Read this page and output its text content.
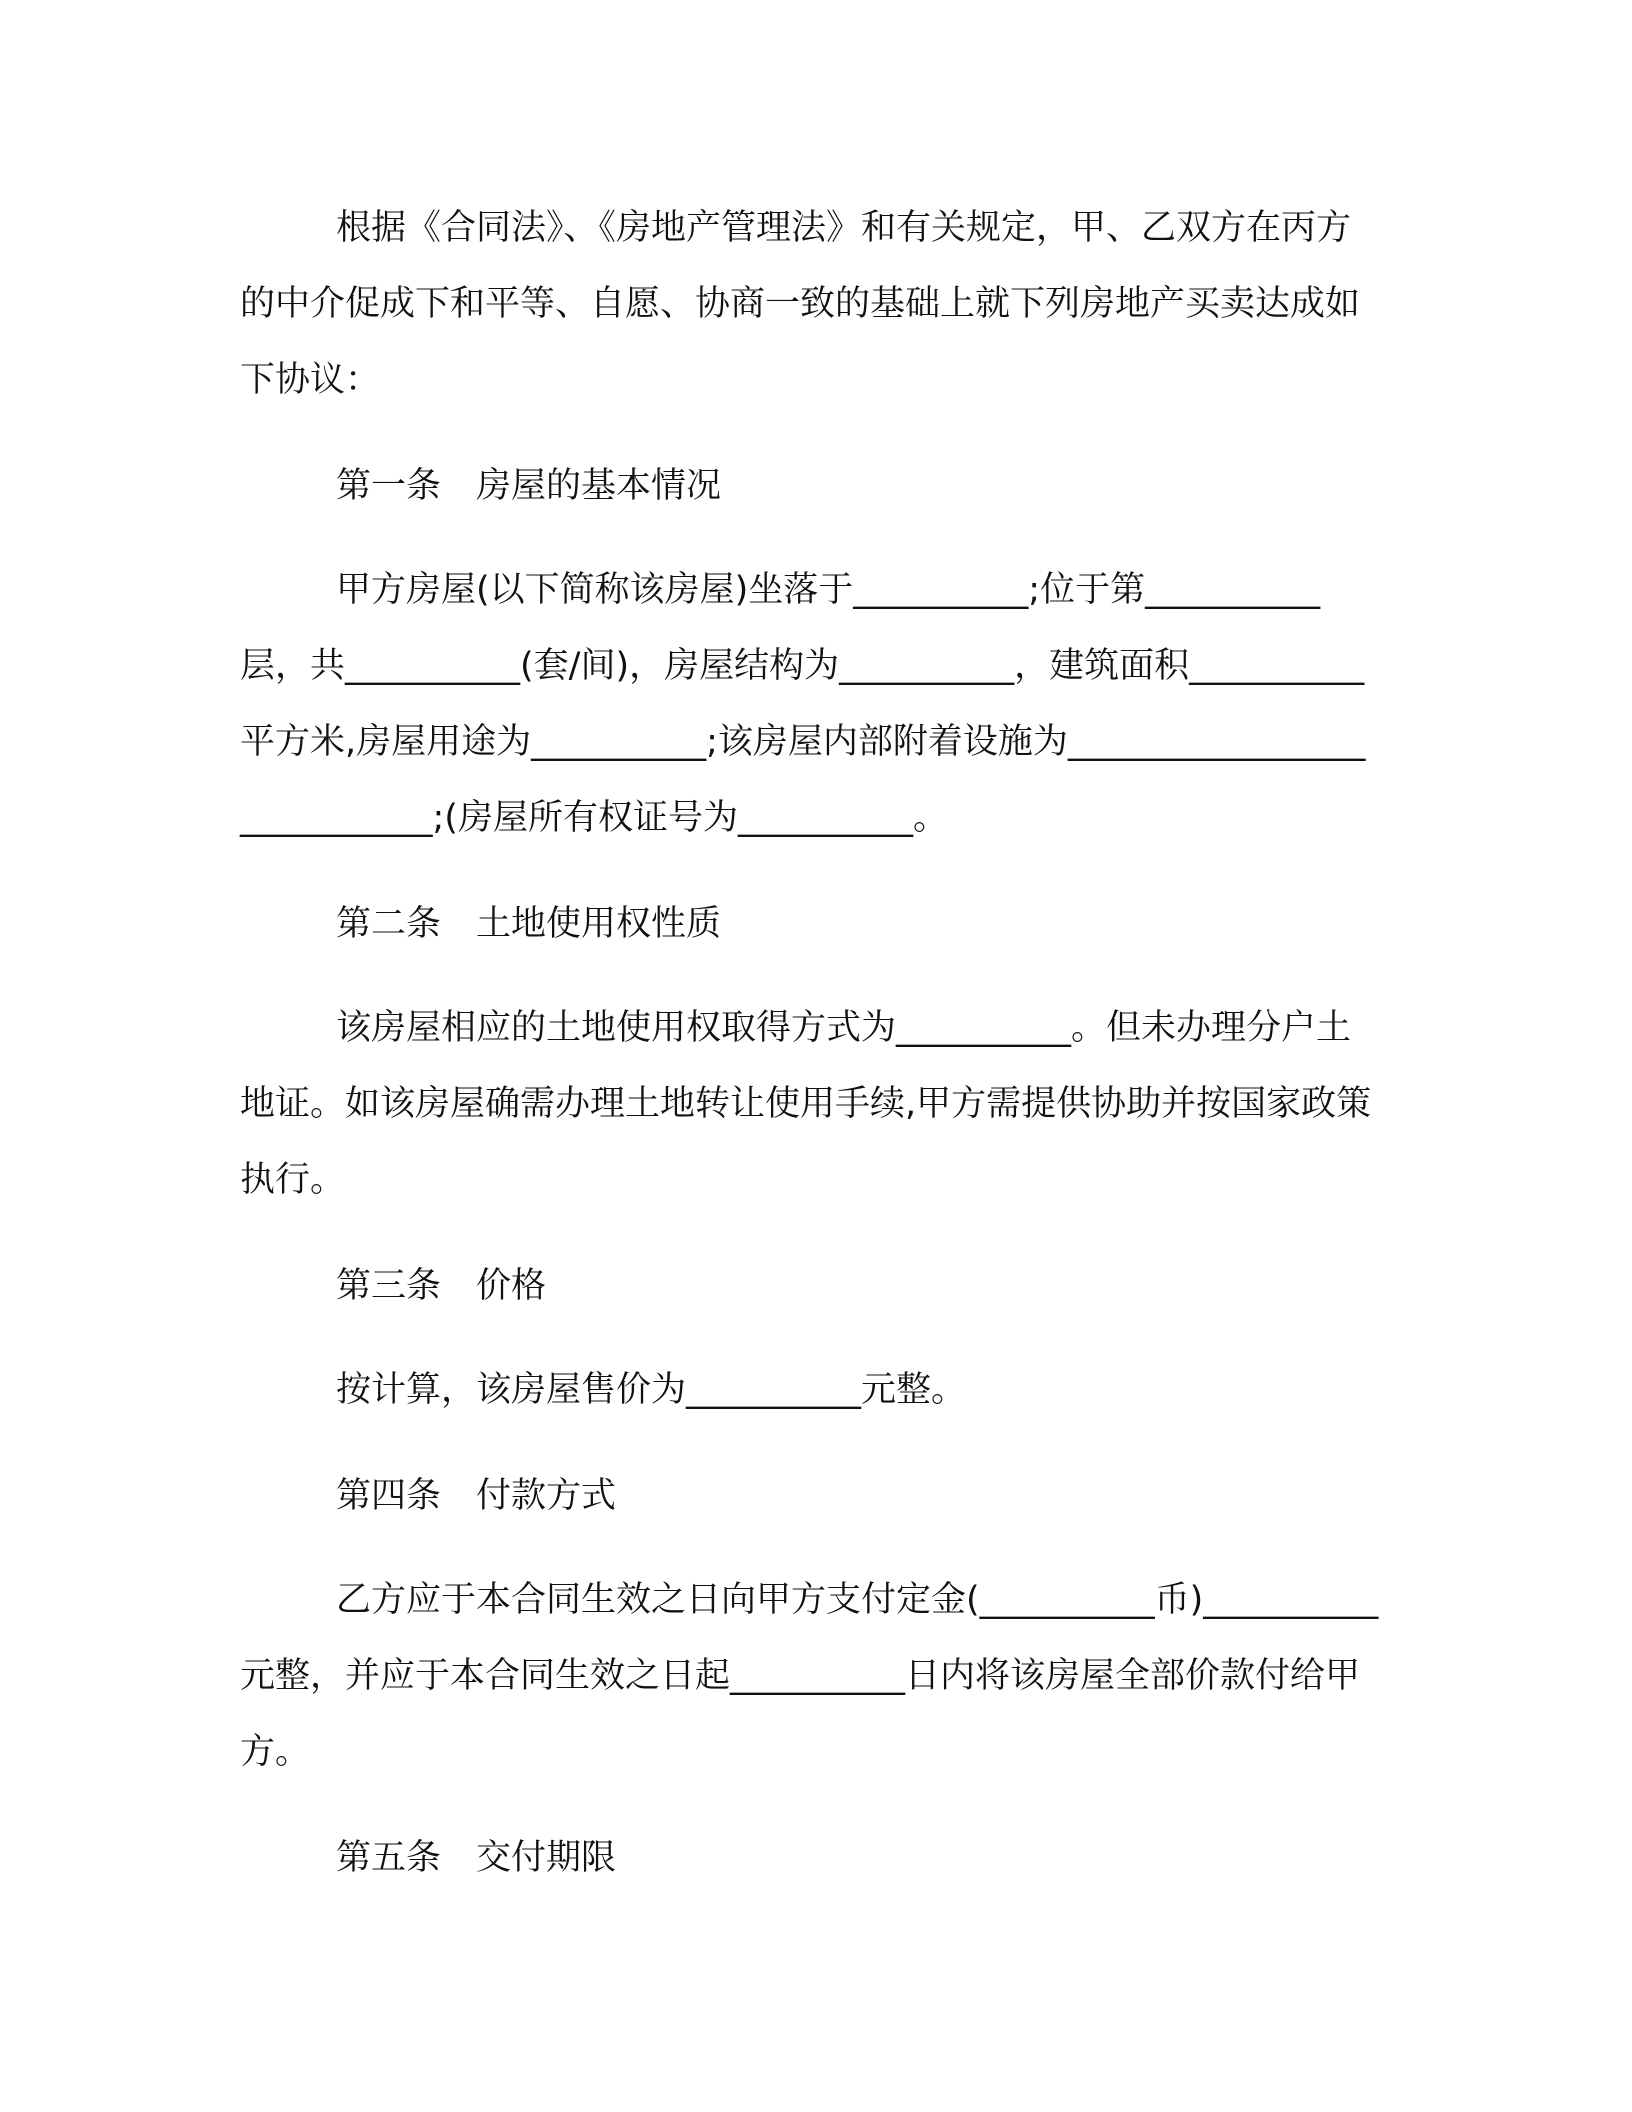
根据《合同法》、《房地产管理法》和有关规定，甲、乙双方在丙方的中介促成下和平等、自愿、协商一致的基础上就下列房地产买卖达成如下协议：

第一条　房屋的基本情况

甲方房屋(以下简称该房屋)坐落于__________;位于第__________层，共__________(套/间)，房屋结构为__________，建筑面积__________平方米,房屋用途为__________;该房屋内部附着设施为____________________________;(房屋所有权证号为__________。

第二条　土地使用权性质

该房屋相应的土地使用权取得方式为__________。但未办理分户土地证。如该房屋确需办理土地转让使用手续,甲方需提供协助并按国家政策执行。

第三条　价格

按计算，该房屋售价为__________元整。

第四条　付款方式

乙方应于本合同生效之日向甲方支付定金(__________币)__________元整，并应于本合同生效之日起__________日内将该房屋全部价款付给甲方。

第五条　交付期限
